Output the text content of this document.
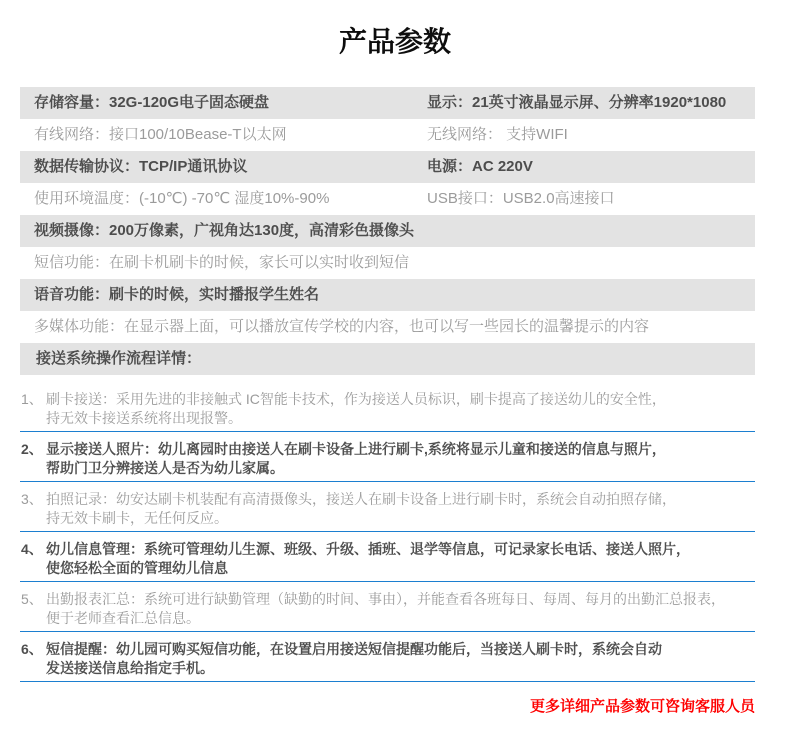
产品参数
存储容量：32G-120G电子固态硬盘	显示：21英寸液晶显示屏、分辨率1920*1080
有线网络：接口100/10Bease-T以太网	无线网络： 支持WIFI
数据传输协议：TCP/IP通讯协议	电源：AC 220V
使用环境温度：(-10℃) -70℃ 湿度10%-90%	USB接口：USB2.0高速接口
视频摄像：200万像素，广视角达130度，高清彩色摄像头
短信功能：在刷卡机刷卡的时候，家长可以实时收到短信
语音功能：刷卡的时候，实时播报学生姓名
多媒体功能：在显示器上面，可以播放宣传学校的内容，也可以写一些园长的温馨提示的内容
接送系统操作流程详情：
1、 刷卡接送：采用先进的非接触式 IC智能卡技术，作为接送人员标识，刷卡提高了接送幼儿的安全性，
持无效卡接送系统将出现报警。
2、 显示接送人照片：幼儿离园时由接送人在刷卡设备上进行刷卡,系统将显示儿童和接送的信息与照片，
帮助门卫分辨接送人是否为幼儿家属。
3、 拍照记录：幼安达刷卡机装配有高清摄像头，接送人在刷卡设备上进行刷卡时，系统会自动拍照存储，
持无效卡刷卡，无任何反应。
4、 幼儿信息管理：系统可管理幼儿生源、班级、升级、插班、退学等信息，可记录家长电话、接送人照片，
使您轻松全面的管理幼儿信息
5、 出勤报表汇总：系统可进行缺勤管理（缺勤的时间、事由），并能查看各班每日、每周、每月的出勤汇总报表，
便于老师查看汇总信息。
6、 短信提醒：幼儿园可购买短信功能，在设置启用接送短信提醒功能后，当接送人刷卡时，系统会自动
发送接送信息给指定手机。
更多详细产品参数可咨询客服人员
